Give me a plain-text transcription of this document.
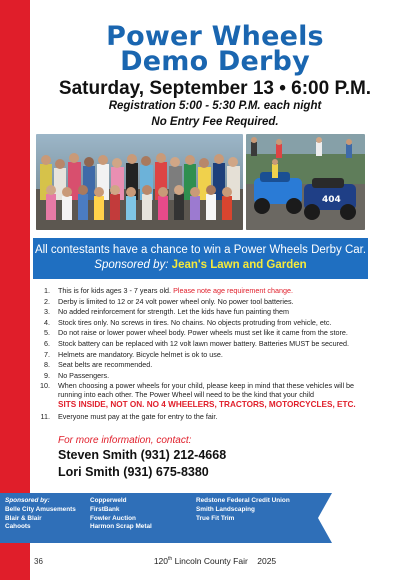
Power Wheels
Demo Derby
Saturday, September 13 • 6:00 P.M.
Registration 5:00 - 5:30 P.M. each night
No Entry Fee Required.
404
All contestants have a chance to win a Power Wheels Derby Car.
Sponsored by: Jean's Lawn and Garden
1. This is for kids ages 3 - 7 years old. Please note age requirement change.
2. Derby is limited to 12 or 24 volt power wheel only. No power tool batteries.
3. No added reinforcement for strength. Let the kids have fun painting them
4. Stock tires only. No screws in tires. No chains. No objects protruding from vehicle, etc.
5. Do not raise or lower power wheel body. Power wheels must set like it came from the store.
6. Stock battery can be replaced with 12 volt lawn mower battery. Batteries MUST be secured.
7. Helmets are mandatory. Bicycle helmet is ok to use.
8. Seat belts are recommended.
9. No Passengers.
10. When choosing a power wheels for your child, please keep in mind that these vehicles will be running into each other. The Power Wheel will need to be the kind that your child
SITS INSIDE, NOT ON. NO 4 WHEELERS, TRACTORS, MOTORCYCLES, ETC.
11. Everyone must pay at the gate for entry to the fair.
For more information, contact:
Steven Smith (931) 212-4668
Lori Smith (931) 675-8380
Sponsored by:
Belle City Amusements
Blair & Blair
Cahoots
Copperweld
FirstBank
Fowler Auction
Harmon Scrap Metal
Redstone Federal Credit Union
Smith Landscaping
True Fit Trim
36	120th Lincoln County Fair 2025
